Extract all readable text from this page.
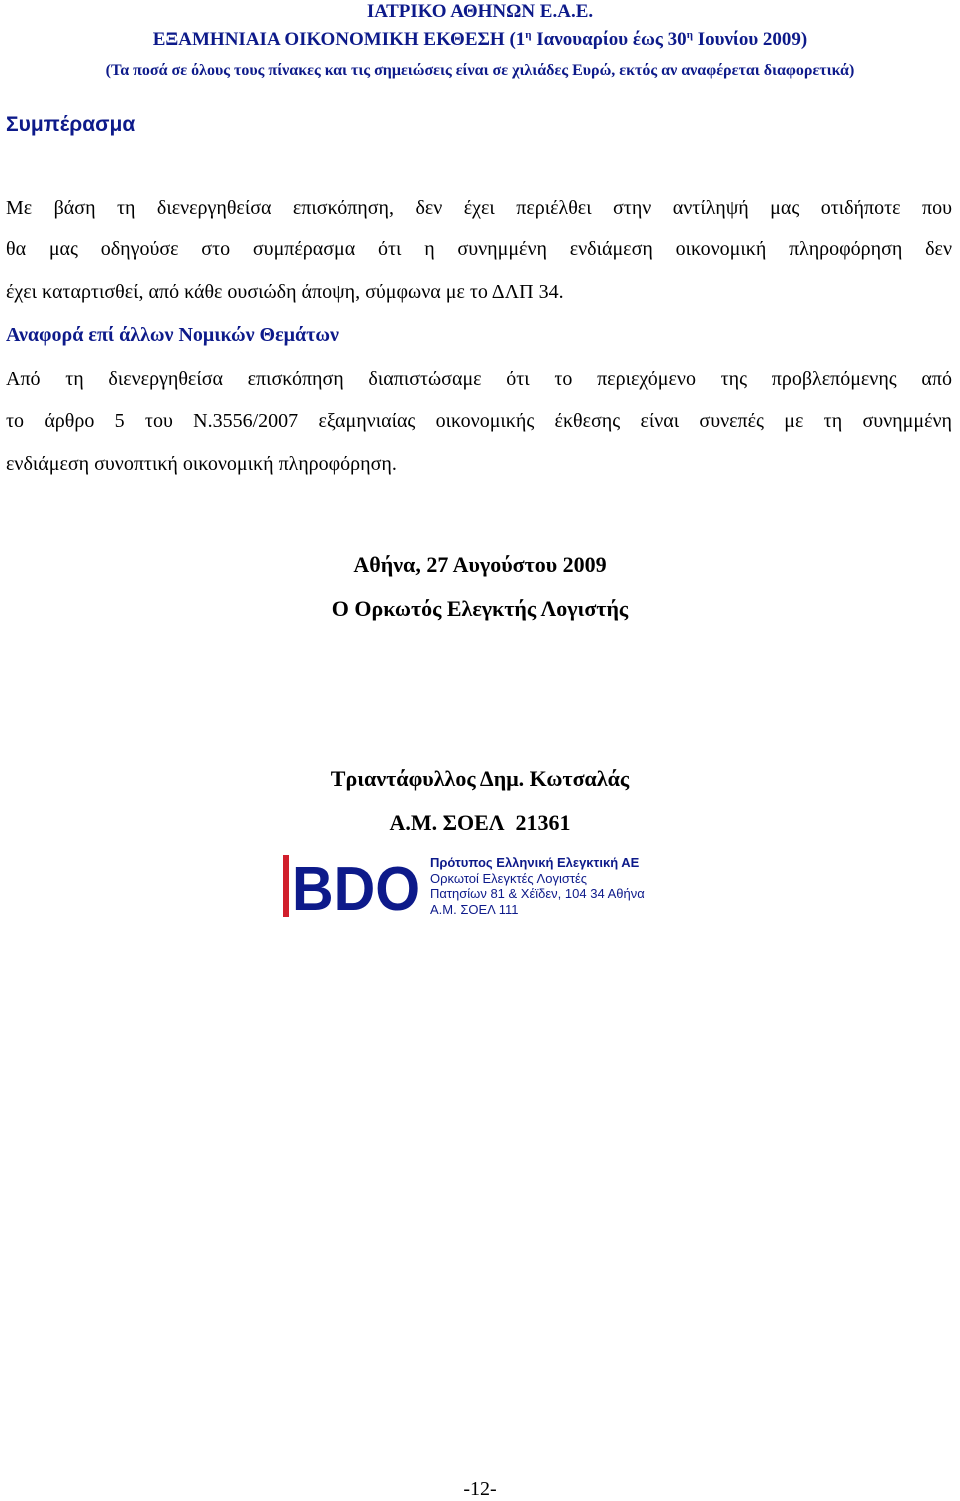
ΙΑΤΡΙΚΟ ΑΘΗΝΩΝ Ε.Α.Ε.
ΕΞΑΜΗΝΙΑΙΑ ΟΙΚΟΝΟΜΙΚΗ ΕΚΘΕΣΗ ($1^\eta$ Ιανουαρίου έως $30^\eta$ Ιουνίου 2009)
(Τα ποσά σε όλους τους πίνακες και τις σημειώσεις είναι σε χιλιάδες Ευρώ, εκτός αν αναφέρεται διαφορετικά)
Συμπέρασμα
Με βάση τη διενεργηθείσα επισκόπηση, δεν έχει περιέλθει στην αντίληψή μας οτιδήποτε που
θα μας οδηγούσε στο συμπέρασμα ότι η συνημμένη ενδιάμεση οικονομική πληροφόρηση δεν
έχει καταρτισθεί, από κάθε ουσιώδη άποψη, σύμφωνα με το ΔΛΠ 34.
Αναφορά επί άλλων Νομικών Θεμάτων
Από τη διενεργηθείσα επισκόπηση διαπιστώσαμε ότι το περιεχόμενο της προβλεπόμενης από
το άρθρο 5 του Ν.3556/2007 εξαμηνιαίας οικονομικής έκθεσης είναι συνεπές με τη συνημμένη
ενδιάμεση συνοπτική οικονομική πληροφόρηση.
Αθήνα, 27 Αυγούστου 2009
Ο Ορκωτός Ελεγκτής Λογιστής
Τριαντάφυλλος Δημ. Κωτσαλάς
Α.Μ. ΣΟΕΛ  21361
BDO Πρότυπος Ελληνική Ελεγκτική ΑΕ
Ορκωτοί Ελεγκτές Λογιστές
Πατησίων 81 & Χέϊδεν, 104 34 Αθήνα
Α.Μ. ΣΟΕΛ 111
-12-
